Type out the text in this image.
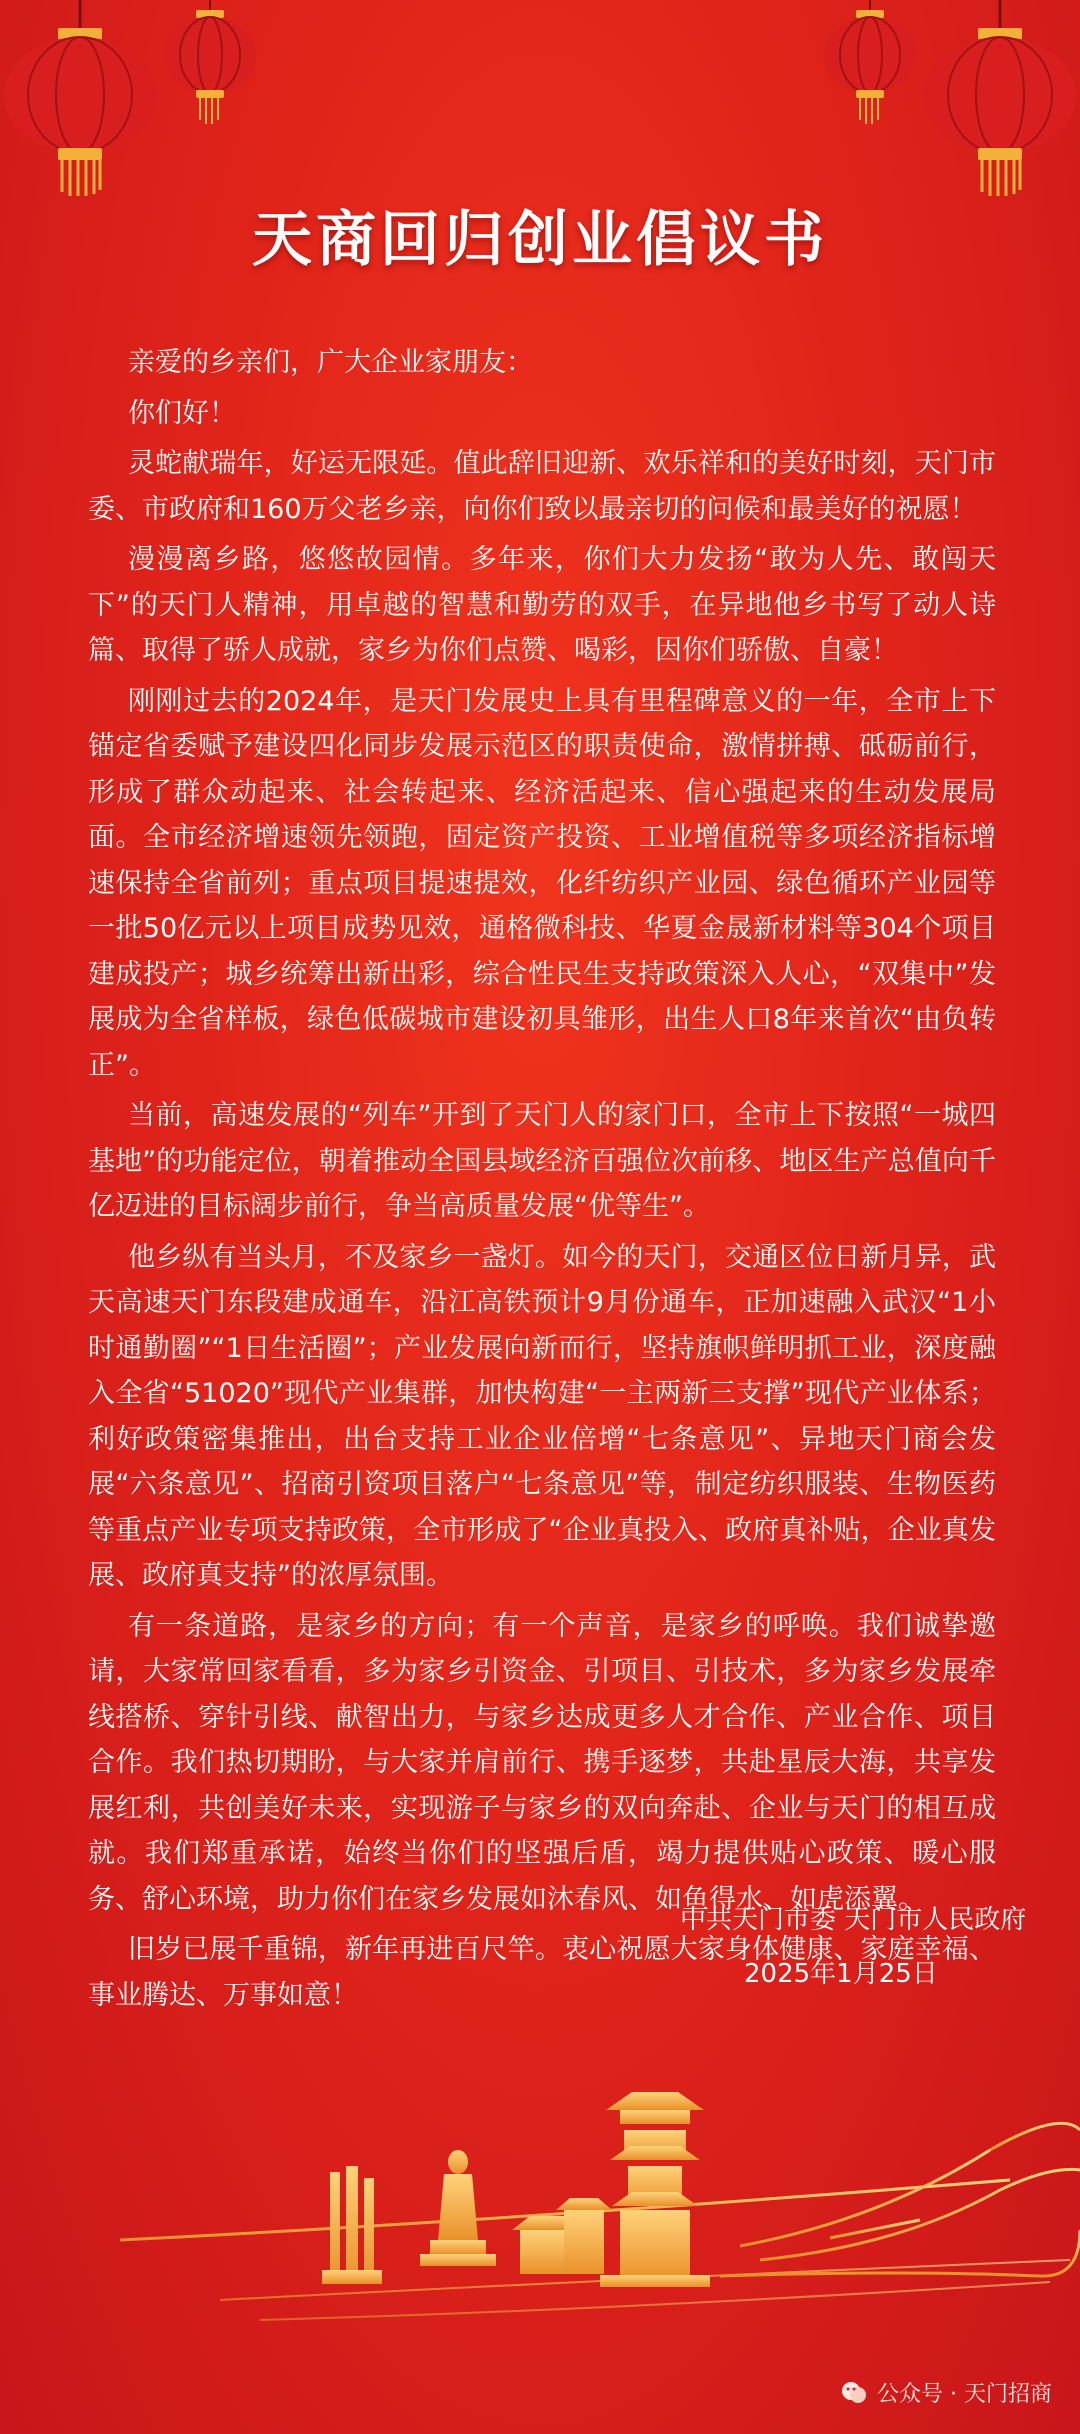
天商回归创业倡议书

亲爱的乡亲们，广大企业家朋友：

你们好！

灵蛇献瑞年，好运无限延。值此辞旧迎新、欢乐祥和的美好时刻，天门市委、市政府和160万父老乡亲，向你们致以最亲切的问候和最美好的祝愿！

漫漫离乡路，悠悠故园情。多年来，你们大力发扬“敢为人先、敢闯天下”的天门人精神，用卓越的智慧和勤劳的双手，在异地他乡书写了动人诗篇、取得了骄人成就，家乡为你们点赞、喝彩，因你们骄傲、自豪！

刚刚过去的2024年，是天门发展史上具有里程碑意义的一年，全市上下锚定省委赋予建设四化同步发展示范区的职责使命，激情拼搏、砥砺前行，形成了群众动起来、社会转起来、经济活起来、信心强起来的生动发展局面。全市经济增速领先领跑，固定资产投资、工业增值税等多项经济指标增速保持全省前列；重点项目提速提效，化纤纺织产业园、绿色循环产业园等一批50亿元以上项目成势见效，通格微科技、华夏金晟新材料等304个项目建成投产；城乡统筹出新出彩，综合性民生支持政策深入人心，“双集中”发展成为全省样板，绿色低碳城市建设初具雏形，出生人口8年来首次“由负转正”。

当前，高速发展的“列车”开到了天门人的家门口，全市上下按照“一城四基地”的功能定位，朝着推动全国县域经济百强位次前移、地区生产总值向千亿迈进的目标阔步前行，争当高质量发展“优等生”。

他乡纵有当头月，不及家乡一盏灯。如今的天门，交通区位日新月异，武天高速天门东段建成通车，沿江高铁预计9月份通车，正加速融入武汉“1小时通勤圈”“1日生活圈”；产业发展向新而行，坚持旗帜鲜明抓工业，深度融入全省“51020”现代产业集群，加快构建“一主两新三支撑”现代产业体系；利好政策密集推出，出台支持工业企业倍增“七条意见”、异地天门商会发展“六条意见”、招商引资项目落户“七条意见”等，制定纺织服装、生物医药等重点产业专项支持政策，全市形成了“企业真投入、政府真补贴，企业真发展、政府真支持”的浓厚氛围。

有一条道路，是家乡的方向；有一个声音，是家乡的呼唤。我们诚挚邀请，大家常回家看看，多为家乡引资金、引项目、引技术，多为家乡发展牵线搭桥、穿针引线、献智出力，与家乡达成更多人才合作、产业合作、项目合作。我们热切期盼，与大家并肩前行、携手逐梦，共赴星辰大海，共享发展红利，共创美好未来，实现游子与家乡的双向奔赴、企业与天门的相互成就。我们郑重承诺，始终当你们的坚强后盾，竭力提供贴心政策、暖心服务、舒心环境，助力你们在家乡发展如沐春风、如鱼得水、如虎添翼。

旧岁已展千重锦，新年再进百尺竿。衷心祝愿大家身体健康、家庭幸福、事业腾达、万事如意！

中共天门市委 天门市人民政府
2025年1月25日
公众号 · 天门招商
